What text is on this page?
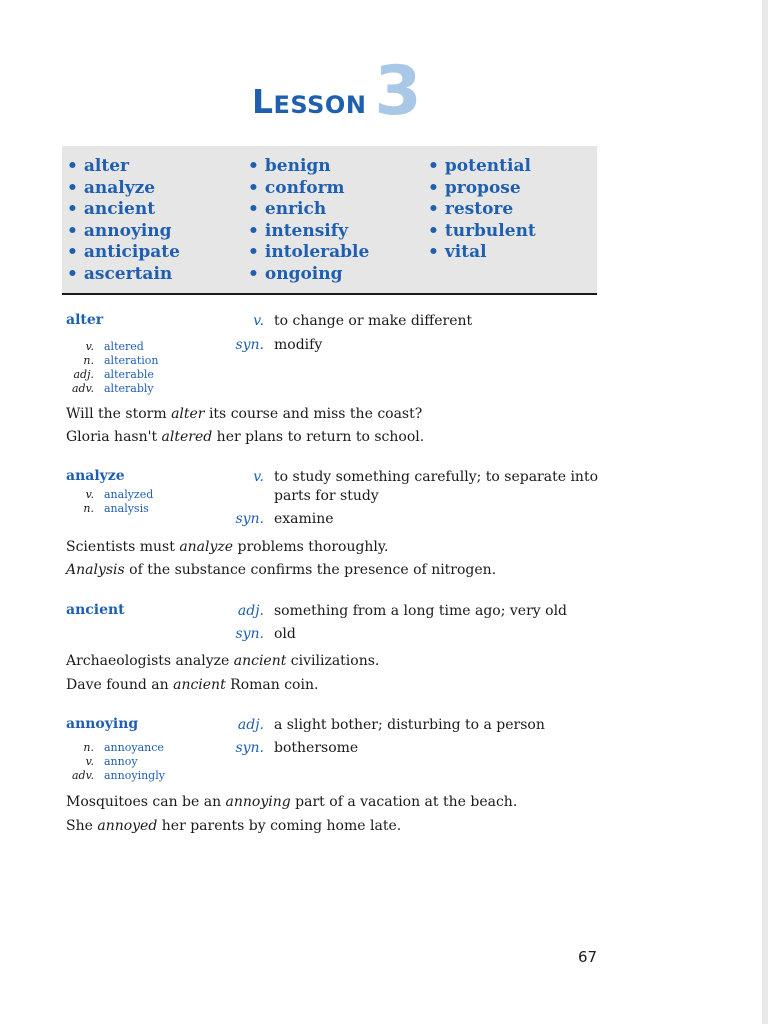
LESSON 3
• alter
• analyze
• ancient
• annoying
• anticipate
• ascertain
• benign
• conform
• enrich
• intensify
• intolerable
• ongoing
• potential
• propose
• restore
• turbulent
• vital
alter	v. to change or make different
syn. modify
v. altered
n. alteration
adj. alterable
adv. alterably
Will the storm alter its course and miss the coast?
Gloria hasn't altered her plans to return to school.
analyze	v. to study something carefully; to separate into parts for study
syn. examine
v. analyzed
n. analysis
Scientists must analyze problems thoroughly.
Analysis of the substance confirms the presence of nitrogen.
ancient	adj. something from a long time ago; very old
syn. old
Archaeologists analyze ancient civilizations.
Dave found an ancient Roman coin.
annoying	adj. a slight bother; disturbing to a person
syn. bothersome
n. annoyance
v. annoy
adv. annoyingly
Mosquitoes can be an annoying part of a vacation at the beach.
She annoyed her parents by coming home late.
67
